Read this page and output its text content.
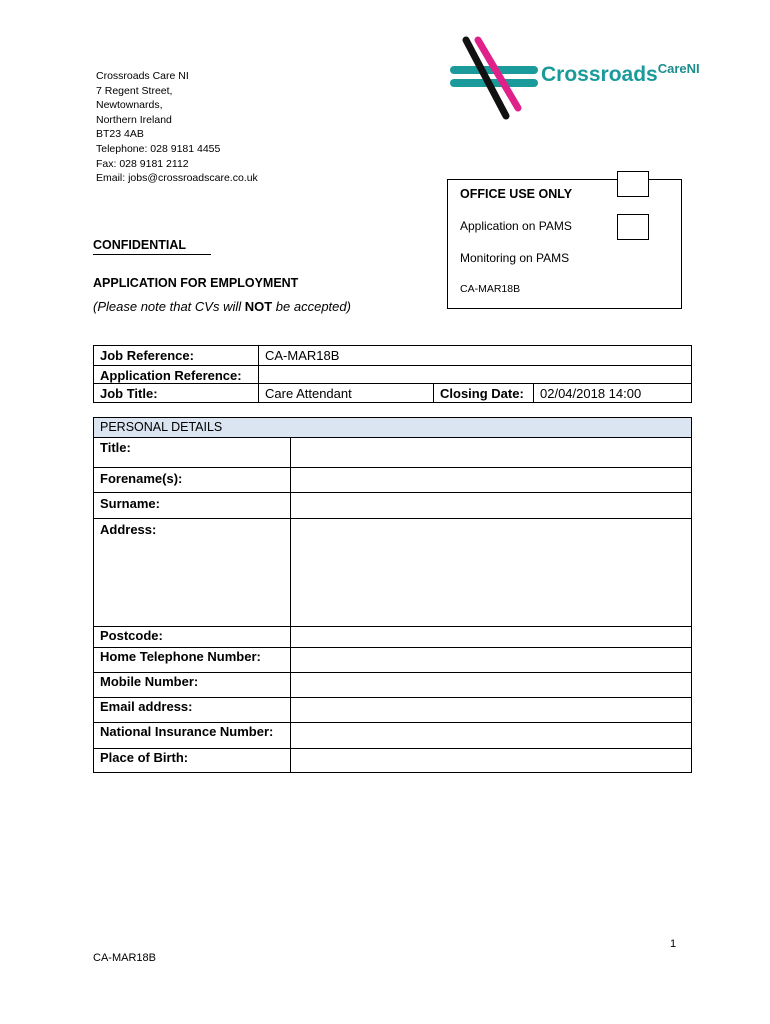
Crossroads Care NI
7 Regent Street,
Newtownards,
Northern Ireland
BT23 4AB
Telephone: 028 9181 4455
Fax: 028 9181 2112
Email: jobs@crossroadscare.co.uk
Crossroads$^{CareNI}$
OFFICE USE ONLY
Application on PAMS
Monitoring on PAMS
CA-MAR18B
CONFIDENTIAL
APPLICATION FOR EMPLOYMENT
(Please note that CVs will NOT be accepted)
Job Reference:	CA-MAR18B
Application Reference:
Job Title:	Care Attendant	Closing Date:	02/04/2018 14:00
PERSONAL DETAILS
Title:
Forename(s):
Surname:
Address:
Postcode:
Home Telephone Number:
Mobile Number:
Email address:
National Insurance Number:
Place of Birth:
1
CA-MAR18B
